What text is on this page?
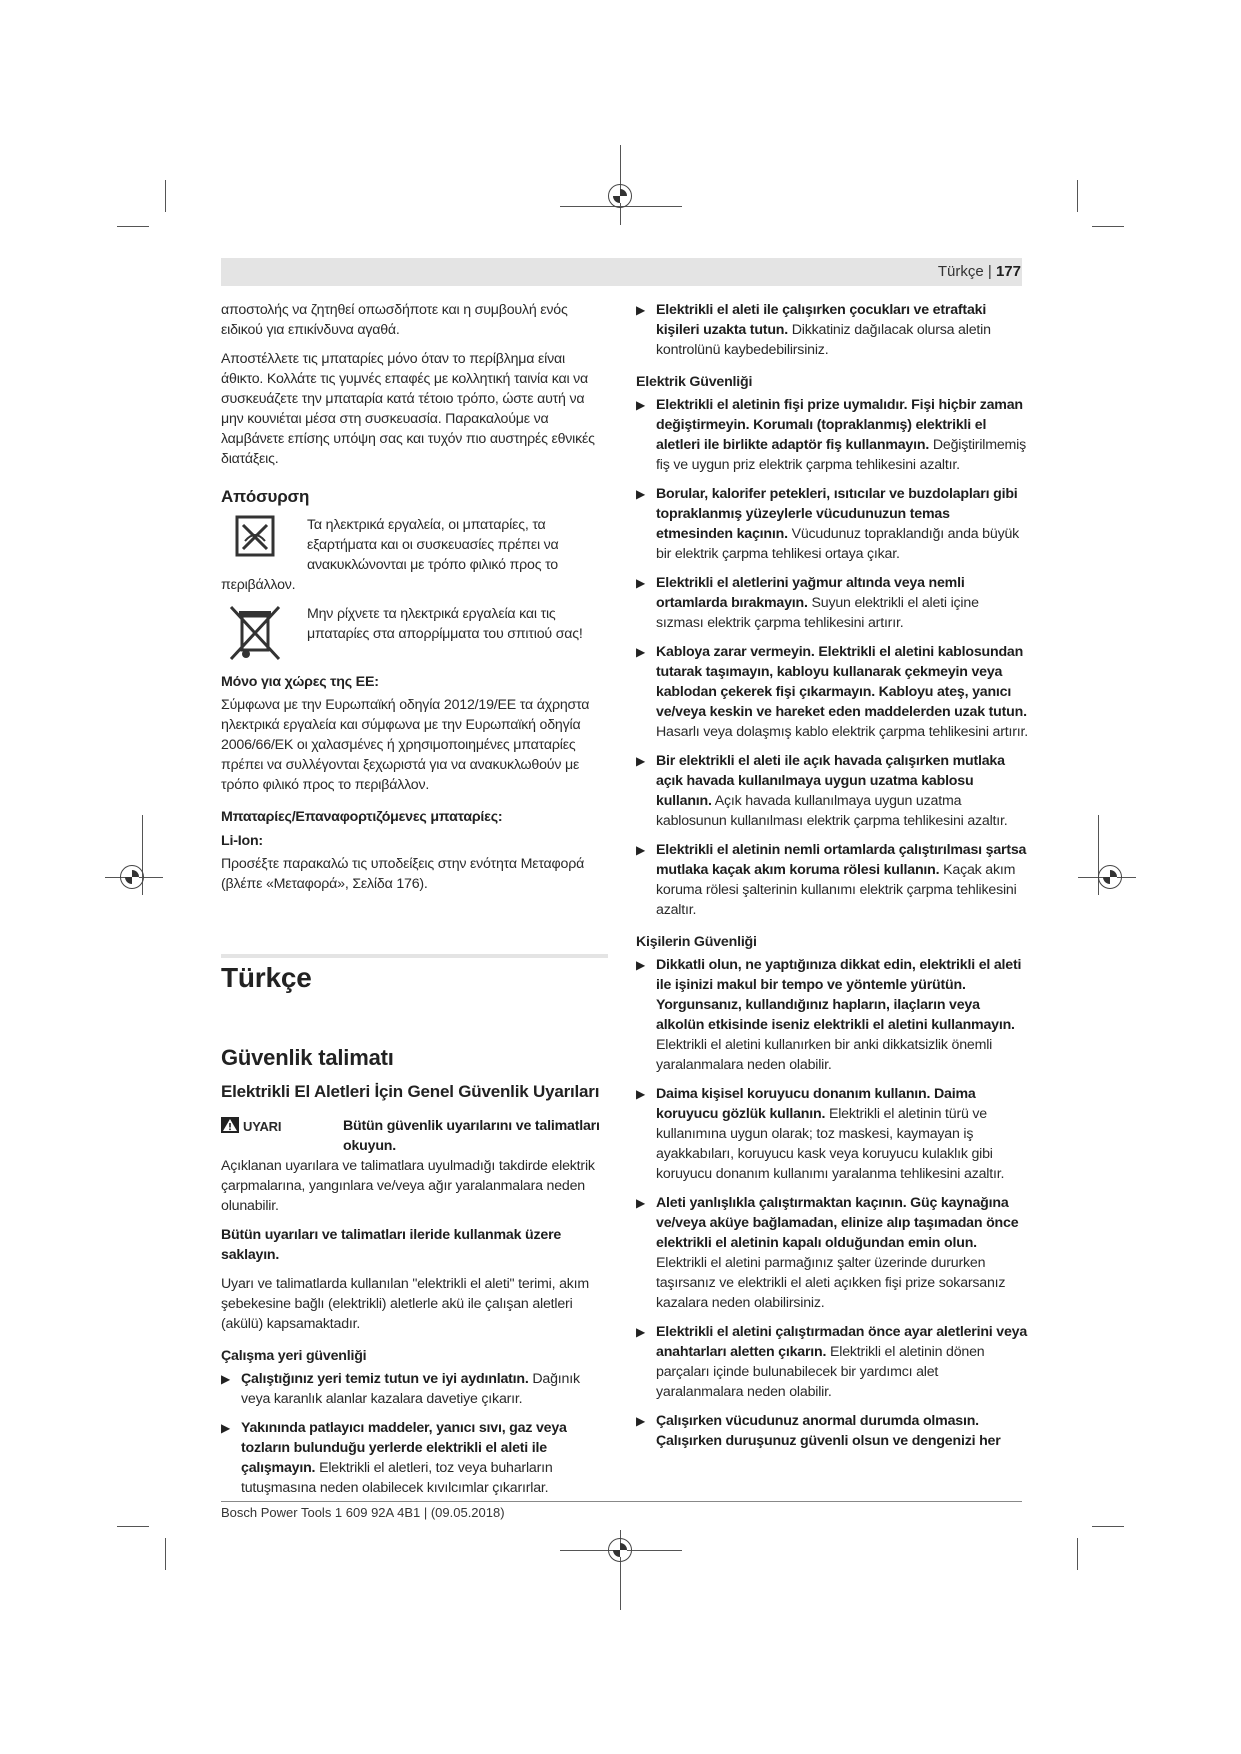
Türkçe | 177

αποστολής να ζητηθεί οπωσδήποτε και η συμβουλή ενός ειδικού για επικίνδυνα αγαθά.

Αποστέλλετε τις μπαταρίες μόνο όταν το περίβλημα είναι άθικτο. Κολλάτε τις γυμνές επαφές με κολλητική ταινία και να συσκευάζετε την μπαταρία κατά τέτοιο τρόπο, ώστε αυτή να μην κουνιέται μέσα στη συσκευασία. Παρακαλούμε να λαμβάνετε επίσης υπόψη σας και τυχόν πιο αυστηρές εθνικές διατάξεις.

Απόσυρση

Τα ηλεκτρικά εργαλεία, οι μπαταρίες, τα εξαρτήματα και οι συσκευασίες πρέπει να ανακυκλώνονται με τρόπο φιλικό προς το

περιβάλλον.

Μην ρίχνετε τα ηλεκτρικά εργαλεία και τις μπαταρίες στα απορρίμματα του σπιτιού σας!

Μόνο για χώρες της ΕΕ:

Σύμφωνα με την Ευρωπαϊκή οδηγία 2012/19/ΕΕ τα άχρηστα ηλεκτρικά εργαλεία και σύμφωνα με την Ευρωπαϊκή οδηγία 2006/66/ΕΚ οι χαλασμένες ή χρησιμοποιημένες μπαταρίες πρέπει να συλλέγονται ξεχωριστά για να ανακυκλωθούν με τρόπο φιλικό προς το περιβάλλον.

Μπαταρίες/Επαναφορτιζόμενες μπαταρίες:
Li-Ion:

Προσέξτε παρακαλώ τις υποδείξεις στην ενότητα Μεταφορά (βλέπε «Μεταφορά», Σελίδα 176).

Türkçe
Güvenlik talimatı
Elektrikli El Aletleri İçin Genel Güvenlik Uyarıları
UYARI	Bütün güvenlik uyarılarını ve talimatları okuyun.

Açıklanan uyarılara ve talimatlara uyulmadığı takdirde elektrik çarpmalarına, yangınlara ve/veya ağır yaralanmalara neden olunabilir.

Bütün uyarıları ve talimatları ileride kullanmak üzere saklayın.

Uyarı ve talimatlarda kullanılan "elektrikli el aleti" terimi, akım şebekesine bağlı (elektrikli) aletlerle akü ile çalışan aletleri (akülü) kapsamaktadır.

Çalışma yeri güvenliği
▶ Çalıştığınız yeri temiz tutun ve iyi aydınlatın. Dağınık veya karanlık alanlar kazalara davetiye çıkarır.
▶ Yakınında patlayıcı maddeler, yanıcı sıvı, gaz veya tozların bulunduğu yerlerde elektrikli el aleti ile çalışmayın. Elektrikli el aletleri, toz veya buharların tutuşmasına neden olabilecek kıvılcımlar çıkarırlar.
▶ Elektrikli el aleti ile çalışırken çocukları ve etraftaki kişileri uzakta tutun. Dikkatiniz dağılacak olursa aletin kontrolünü kaybedebilirsiniz.
Elektrik Güvenliği
▶ Elektrikli el aletinin fişi prize uymalıdır. Fişi hiçbir zaman değiştirmeyin. Korumalı (topraklanmış) elektrikli el aletleri ile birlikte adaptör fiş kullanmayın. Değiştirilmemiş fiş ve uygun priz elektrik çarpma tehlikesini azaltır.
▶ Borular, kalorifer petekleri, ısıtıcılar ve buzdolapları gibi topraklanmış yüzeylerle vücudunuzun temas etmesinden kaçının. Vücudunuz topraklandığı anda büyük bir elektrik çarpma tehlikesi ortaya çıkar.
▶ Elektrikli el aletlerini yağmur altında veya nemli ortamlarda bırakmayın. Suyun elektrikli el aleti içine sızması elektrik çarpma tehlikesini artırır.
▶ Kabloya zarar vermeyin. Elektrikli el aletini kablosundan tutarak taşımayın, kabloyu kullanarak çekmeyin veya kablodan çekerek fişi çıkarmayın. Kabloyu ateş, yanıcı ve/veya keskin ve hareket eden maddelerden uzak tutun. Hasarlı veya dolaşmış kablo elektrik çarpma tehlikesini artırır.
▶ Bir elektrikli el aleti ile açık havada çalışırken mutlaka açık havada kullanılmaya uygun uzatma kablosu kullanın. Açık havada kullanılmaya uygun uzatma kablosunun kullanılması elektrik çarpma tehlikesini azaltır.
▶ Elektrikli el aletinin nemli ortamlarda çalıştırılması şartsa mutlaka kaçak akım koruma rölesi kullanın. Kaçak akım koruma rölesi şalterinin kullanımı elektrik çarpma tehlikesini azaltır.
Kişilerin Güvenliği
▶ Dikkatli olun, ne yaptığınıza dikkat edin, elektrikli el aleti ile işinizi makul bir tempo ve yöntemle yürütün. Yorgunsanız, kullandığınız hapların, ilaçların veya alkolün etkisinde iseniz elektrikli el aletini kullanmayın. Elektrikli el aletini kullanırken bir anki dikkatsizlik önemli yaralanmalara neden olabilir.
▶ Daima kişisel koruyucu donanım kullanın. Daima koruyucu gözlük kullanın. Elektrikli el aletinin türü ve kullanımına uygun olarak; toz maskesi, kaymayan iş ayakkabıları, koruyucu kask veya koruyucu kulaklık gibi koruyucu donanım kullanımı yaralanma tehlikesini azaltır.
▶ Aleti yanlışlıkla çalıştırmaktan kaçının. Güç kaynağına ve/veya aküye bağlamadan, elinize alıp taşımadan önce elektrikli el aletinin kapalı olduğundan emin olun. Elektrikli el aletini parmağınız şalter üzerinde dururken taşırsanız ve elektrikli el aleti açıkken fişi prize sokarsanız kazalara neden olabilirsiniz.
▶ Elektrikli el aletini çalıştırmadan önce ayar aletlerini veya anahtarları aletten çıkarın. Elektrikli el aletinin dönen parçaları içinde bulunabilecek bir yardımcı alet yaralanmalara neden olabilir.
▶ Çalışırken vücudunuz anormal durumda olmasın. Çalışırken duruşunuz güvenli olsun ve dengenizi her
Bosch Power Tools 1 609 92A 4B1 | (09.05.2018)
